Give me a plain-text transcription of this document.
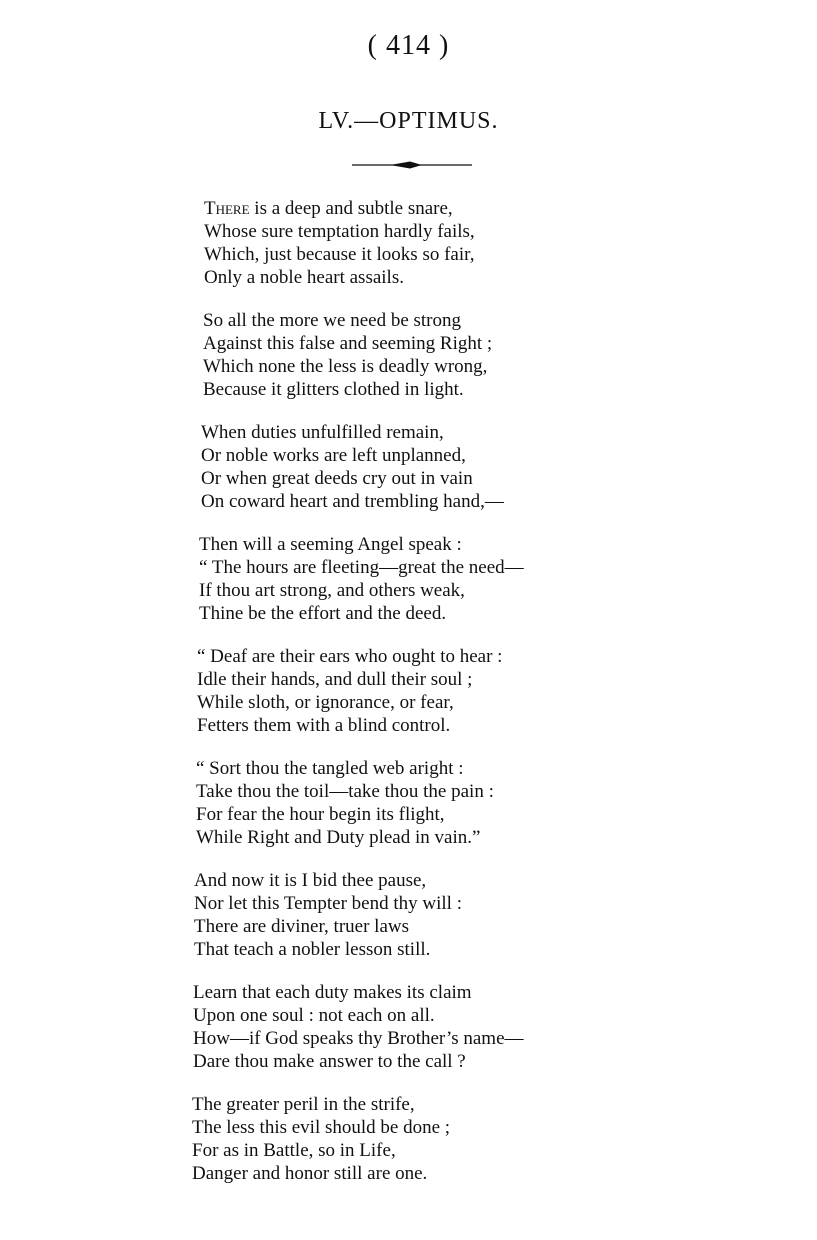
( 414 )
LV.—OPTIMUS.
There is a deep and subtle snare,
Whose sure temptation hardly fails,
Which, just because it looks so fair,
Only a noble heart assails.
So all the more we need be strong
Against this false and seeming Right ;
Which none the less is deadly wrong,
Because it glitters clothed in light.
When duties unfulfilled remain,
Or noble works are left unplanned,
Or when great deeds cry out in vain
On coward heart and trembling hand,—
Then will a seeming Angel speak :
“ The hours are fleeting—great the need—
If thou art strong, and others weak,
Thine be the effort and the deed.
“ Deaf are their ears who ought to hear :
Idle their hands, and dull their soul ;
While sloth, or ignorance, or fear,
Fetters them with a blind control.
“ Sort thou the tangled web aright :
Take thou the toil—take thou the pain :
For fear the hour begin its flight,
While Right and Duty plead in vain.”
And now it is I bid thee pause,
Nor let this Tempter bend thy will :
There are diviner, truer laws
That teach a nobler lesson still.
Learn that each duty makes its claim
Upon one soul : not each on all.
How—if God speaks thy Brother’s name—
Dare thou make answer to the call ?
The greater peril in the strife,
The less this evil should be done ;
For as in Battle, so in Life,
Danger and honor still are one.
